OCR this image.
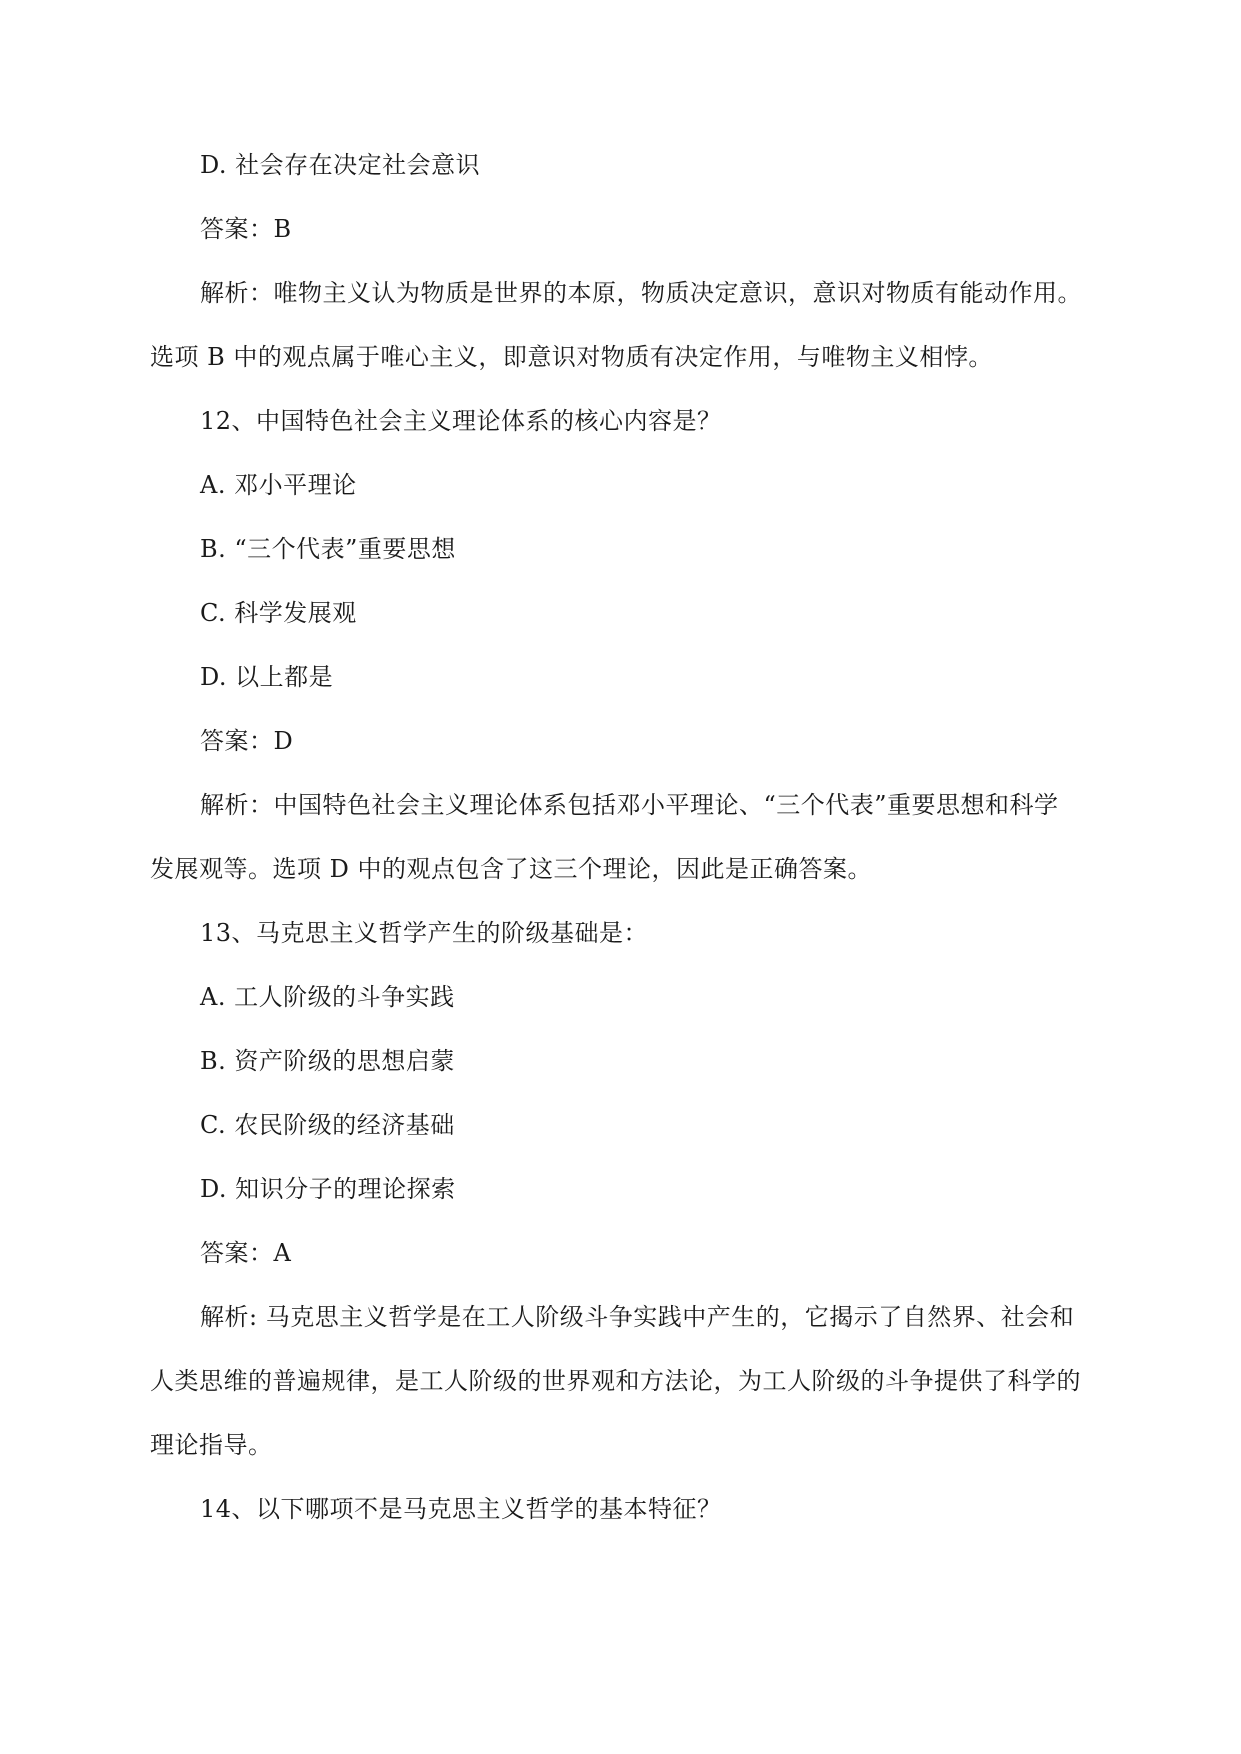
D. 社会存在决定社会意识
答案：B
解析：唯物主义认为物质是世界的本原，物质决定意识，意识对物质有能动作用。
选项 B 中的观点属于唯心主义，即意识对物质有决定作用，与唯物主义相悖。
12、中国特色社会主义理论体系的核心内容是？
A. 邓小平理论
B. “三个代表”重要思想
C. 科学发展观
D. 以上都是
答案：D
解析：中国特色社会主义理论体系包括邓小平理论、“三个代表”重要思想和科学
发展观等。选项 D 中的观点包含了这三个理论，因此是正确答案。
13、马克思主义哲学产生的阶级基础是：
A. 工人阶级的斗争实践
B. 资产阶级的思想启蒙
C. 农民阶级的经济基础
D. 知识分子的理论探索
答案：A
解析: 马克思主义哲学是在工人阶级斗争实践中产生的，它揭示了自然界、社会和
人类思维的普遍规律，是工人阶级的世界观和方法论，为工人阶级的斗争提供了科学的
理论指导。
14、以下哪项不是马克思主义哲学的基本特征？
